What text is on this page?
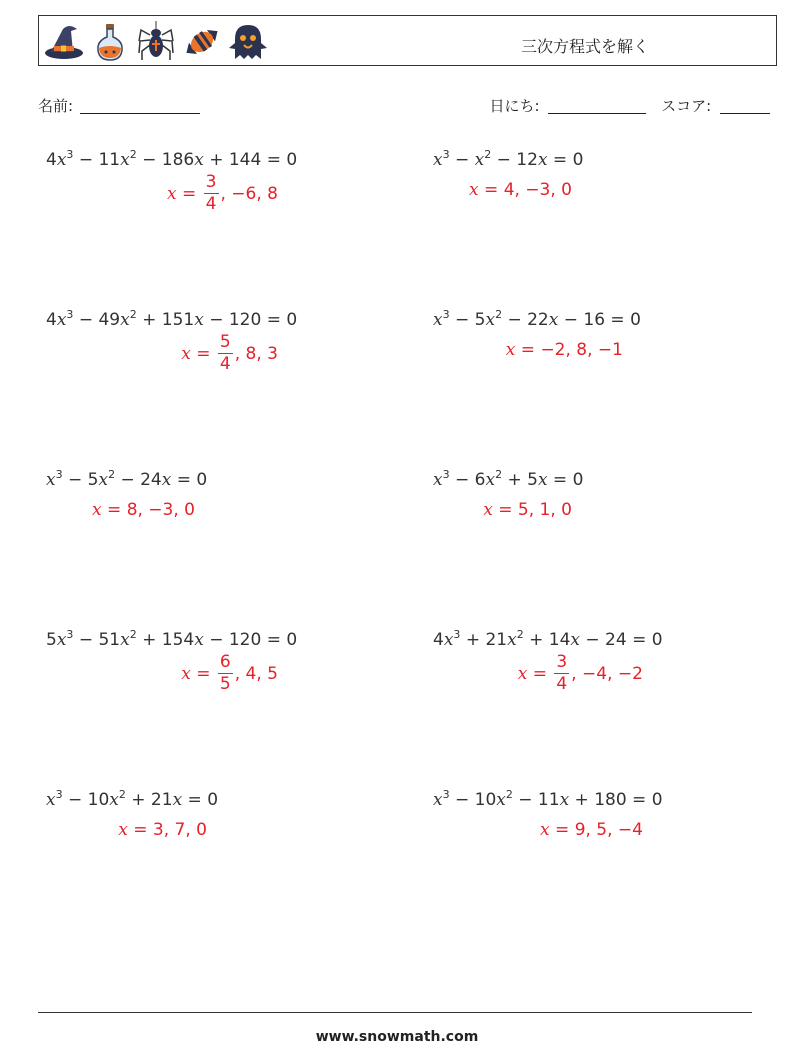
三次方程式を解く
名前:	日にち:	スコア:
$4x^3 - 11x^2 - 186x + 144 = 0$
$x = \frac{3}{4}$ , −6, 8
$x^3 - x^2 - 12x = 0$
x = 4, −3, 0
$4x^3 - 49x^2 + 151x - 120 = 0$
$x = \frac{5}{4}$ , 8, 3
$x^3 - 5x^2 - 22x - 16 = 0$
x = −2, 8, −1
$x^3 - 5x^2 - 24x = 0$
x = 8, −3, 0
$x^3 - 6x^2 + 5x = 0$
x = 5, 1, 0
$5x^3 - 51x^2 + 154x - 120 = 0$
$x = \frac{6}{5}$ , 4, 5
$4x^3 + 21x^2 + 14x - 24 = 0$
$x = \frac{3}{4}$ , −4, −2
$x^3 - 10x^2 + 21x = 0$
x = 3, 7, 0
$x^3 - 10x^2 - 11x + 180 = 0$
x = 9, 5, −4
www.snowmath.com
